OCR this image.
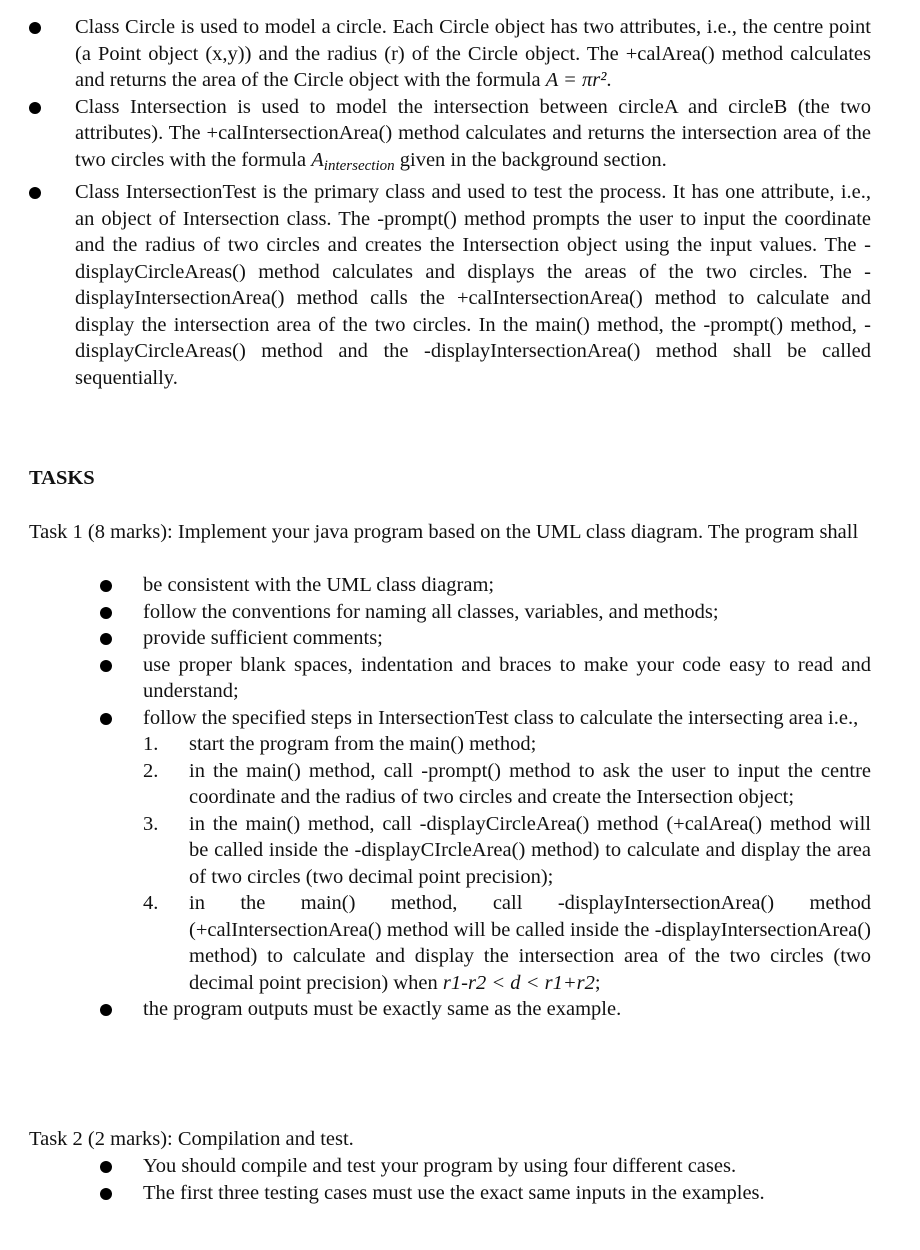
Class Circle is used to model a circle. Each Circle object has two attributes, i.e., the centre point (a Point object (x,y)) and the radius (r) of the Circle object. The +calArea() method calculates and returns the area of the Circle object with the formula A = πr².
Class Intersection is used to model the intersection between circleA and circleB (the two attributes). The +calIntersectionArea() method calculates and returns the intersection area of the two circles with the formula $A_{intersection}$ given in the background section.
Class IntersectionTest is the primary class and used to test the process. It has one attribute, i.e., an object of Intersection class. The -prompt() method prompts the user to input the coordinate and the radius of two circles and creates the Intersection object using the input values. The -displayCircleAreas() method calculates and displays the areas of the two circles. The -displayIntersectionArea() method calls the +calIntersectionArea() method to calculate and display the intersection area of the two circles. In the main() method, the -prompt() method, -displayCircleAreas() method and the -displayIntersectionArea() method shall be called sequentially.
TASKS
Task 1 (8 marks): Implement your java program based on the UML class diagram. The program shall
be consistent with the UML class diagram;
follow the conventions for naming all classes, variables, and methods;
provide sufficient comments;
use proper blank spaces, indentation and braces to make your code easy to read and understand;
follow the specified steps in IntersectionTest class to calculate the intersecting area i.e.,
1. start the program from the main() method;
2. in the main() method, call -prompt() method to ask the user to input the centre coordinate and the radius of two circles and create the Intersection object;
3. in the main() method, call -displayCircleArea() method (+calArea() method will be called inside the -displayCIrcleArea() method) to calculate and display the area of two circles (two decimal point precision);
4. in the main() method, call -displayIntersectionArea() method (+calIntersectionArea() method will be called inside the -displayIntersectionArea() method) to calculate and display the intersection area of the two circles (two decimal point precision) when r1-r2 < d < r1+r2;
the program outputs must be exactly same as the example.
Task 2 (2 marks): Compilation and test.
You should compile and test your program by using four different cases.
The first three testing cases must use the exact same inputs in the examples.
